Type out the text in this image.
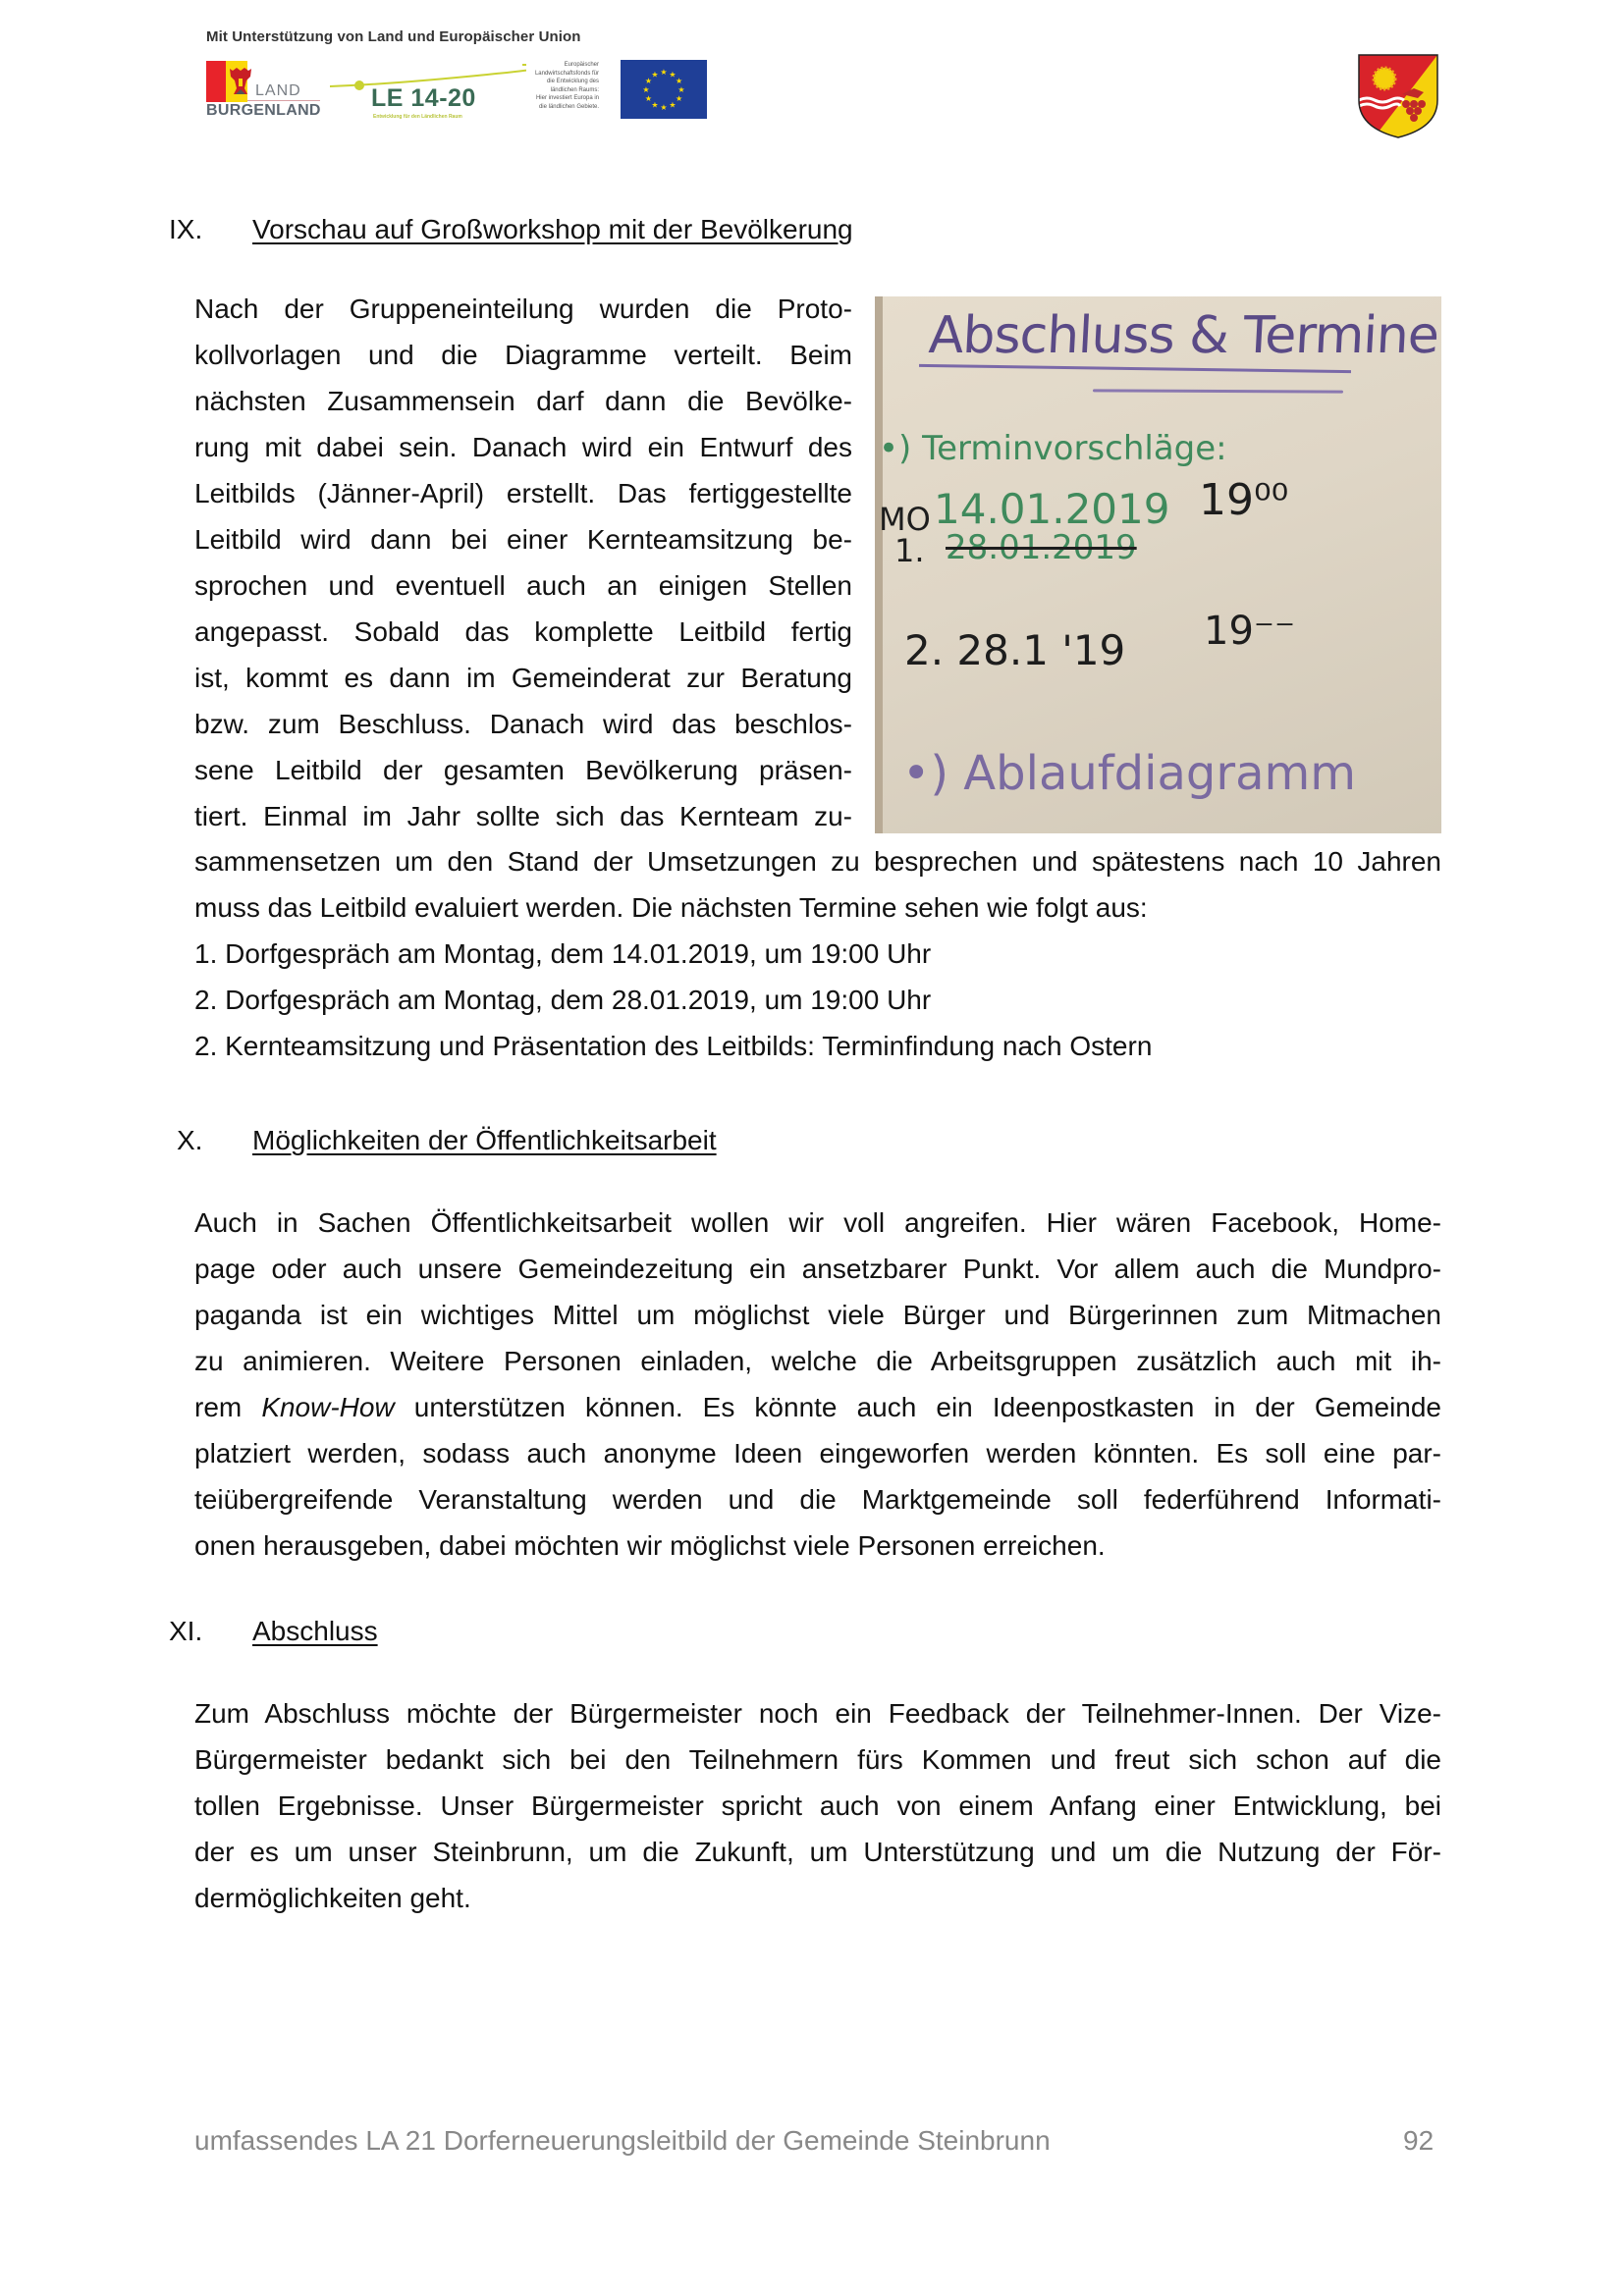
Mit Unterstützung von Land und Europäischer Union
LAND
BURGENLAND LE 14-20
Entwicklung für den Ländlichen Raum
Europäischer
Landwirtschaftsfonds für
die Entwicklung des
ländlichen Raums:
Hier investiert Europa in
die ländlichen Gebiete.
★ ★
★
★
★
★
★
★
★
★
★
★
IX. Vorschau auf Großworkshop mit der Bevölkerung
Nach der Gruppeneinteilung wurden die Proto-
kollvorlagen und die Diagramme verteilt. Beim
nächsten Zusammensein darf dann die Bevölke-
rung mit dabei sein. Danach wird ein Entwurf des
Leitbilds (Jänner-April) erstellt. Das fertiggestellte
Leitbild wird dann bei einer Kernteamsitzung be-
sprochen und eventuell auch an einigen Stellen
angepasst. Sobald das komplette Leitbild fertig
ist, kommt es dann im Gemeinderat zur Beratung
bzw. zum Beschluss. Danach wird das beschlos-
sene Leitbild der gesamten Bevölkerung präsen-
tiert. Einmal im Jahr sollte sich das Kernteam zu-
Abschluss & Termine
•) Terminvorschläge:
MO 14.01.2019 19⁰⁰
1. 28.01.2019
2. 28.1 '19 19⁻⁻
•) Ablaufdiagramm
sammensetzen um den Stand der Umsetzungen zu besprechen und spätestens nach 10 Jahren
muss das Leitbild evaluiert werden. Die nächsten Termine sehen wie folgt aus:
1. Dorfgespräch am Montag, dem 14.01.2019, um 19:00 Uhr
2. Dorfgespräch am Montag, dem 28.01.2019, um 19:00 Uhr
2. Kernteamsitzung und Präsentation des Leitbilds: Terminfindung nach Ostern
X. Möglichkeiten der Öffentlichkeitsarbeit
Auch in Sachen Öffentlichkeitsarbeit wollen wir voll angreifen. Hier wären Facebook, Home-
page oder auch unsere Gemeindezeitung ein ansetzbarer Punkt. Vor allem auch die Mundpro-
paganda ist ein wichtiges Mittel um möglichst viele Bürger und Bürgerinnen zum Mitmachen
zu animieren. Weitere Personen einladen, welche die Arbeitsgruppen zusätzlich auch mit ih-
rem Know-How unterstützen können. Es könnte auch ein Ideenpostkasten in der Gemeinde
platziert werden, sodass auch anonyme Ideen eingeworfen werden könnten. Es soll eine par-
teiübergreifende Veranstaltung werden und die Marktgemeinde soll federführend Informati-
onen herausgeben, dabei möchten wir möglichst viele Personen erreichen.
XI. Abschluss
Zum Abschluss möchte der Bürgermeister noch ein Feedback der Teilnehmer-Innen. Der Vize-
Bürgermeister bedankt sich bei den Teilnehmern fürs Kommen und freut sich schon auf die
tollen Ergebnisse. Unser Bürgermeister spricht auch von einem Anfang einer Entwicklung, bei
der es um unser Steinbrunn, um die Zukunft, um Unterstützung und um die Nutzung der För-
dermöglichkeiten geht.
umfassendes LA 21 Dorferneuerungsleitbild der Gemeinde Steinbrunn	92
